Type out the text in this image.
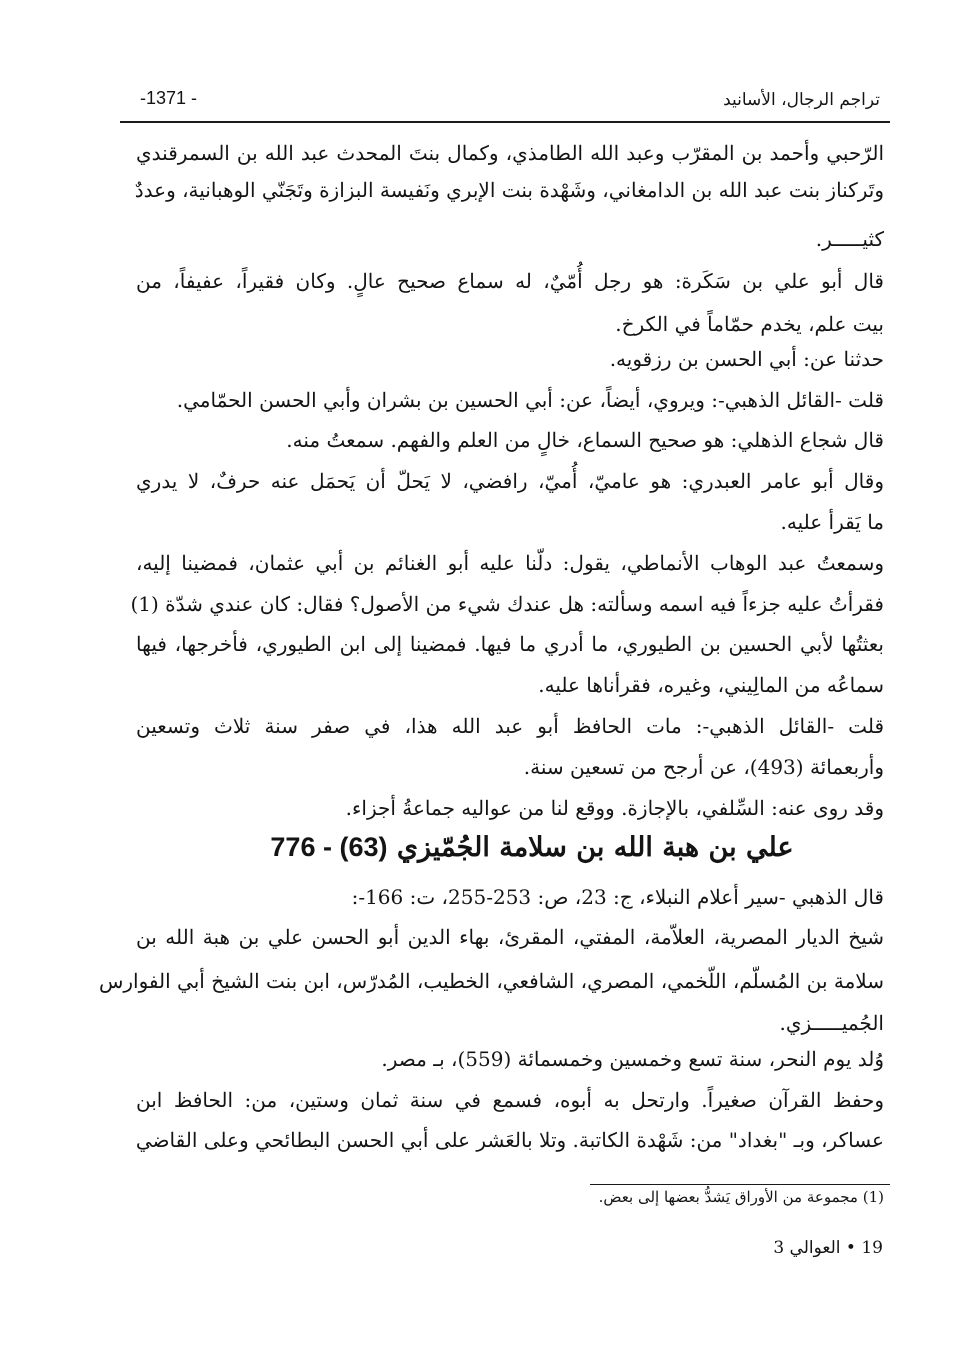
تراجم الرجال، الأسانيد
-1371 -
الرّحبي وأحمد بن المقرّب وعبد الله الطامذي، وكمال بنتَ المحدث عبد الله بن السمرقندي
وتَركناز بنت عبد الله بن الدامغاني، وشَهْدة بنت الإبري ونَفيسة البزازة وتَجَنّي الوهبانية، وعددٌ
كثيـــــر.
قال أبو علي بن سَكَرة: هو رجل أُمّيٌ، له سماع صحيح عالٍ. وكان فقيراً، عفيفاً، من
بيت علم، يخدم حمّاماً في الكرخ.
حدثنا عن: أبي الحسن بن رزقويه.
قلت -القائل الذهبي-: ويروي، أيضاً، عن: أبي الحسين بن بشران وأبي الحسن الحمّامي.
قال شجاع الذهلي: هو صحيح السماع، خالٍ من العلم والفهم. سمعتُ منه.
وقال أبو عامر العبدري: هو عاميّ، أُميّ، رافضي، لا يَحلّ أن يَحمَل عنه حرفٌ، لا يدري
ما يَقرأ عليه.
وسمعتُ عبد الوهاب الأنماطي، يقول: دلّنا عليه أبو الغنائم بن أبي عثمان، فمضينا إليه،
فقرأتُ عليه جزءاً فيه اسمه وسألته: هل عندك شيء من الأصول؟ فقال: كان عندي شدّة (1)
بعثتُها لأبي الحسين بن الطيوري، ما أدري ما فيها. فمضينا إلى ابن الطيوري، فأخرجها، فيها
سماعُه من المالِيني، وغيره، فقرأناها عليه.
قلت -القائل الذهبي-: مات الحافظ أبو عبد الله هذا، في صفر سنة ثلاث وتسعين
وأربعمائة (493)، عن أرجح من تسعين سنة.
وقد روى عنه: السِّلفي، بالإجازة. ووقع لنا من عواليه جماعةُ أجزاء.
علي بن هبة الله بن سلامة الجُمّيزي 776 - (63)
قال الذهبي -سير أعلام النبلاء، ج: 23، ص: 253-255، ت: 166-:
شيخ الديار المصرية، العلاّمة، المفتي، المقرئ، بهاء الدين أبو الحسن علي بن هبة الله بن
سلامة بن المُسلّم، اللّخمي، المصري، الشافعي، الخطيب، المُدرّس، ابن بنت الشيخ أبي الفوارس
الجُميـــــزي.
وُلد يوم النحر، سنة تسع وخمسين وخمسمائة (559)، بـ مصر.
وحفظ القرآن صغيراً. وارتحل به أبوه، فسمع في سنة ثمان وستين، من: الحافظ ابن
عساكر، وبـ "بغداد" من: شَهْدة الكاتبة. وتلا بالعَشر على أبي الحسن البطائحي وعلى القاضي
(1) مجموعة من الأوراق يَشدُّ بعضها إلى بعض.
19 • العوالي 3
